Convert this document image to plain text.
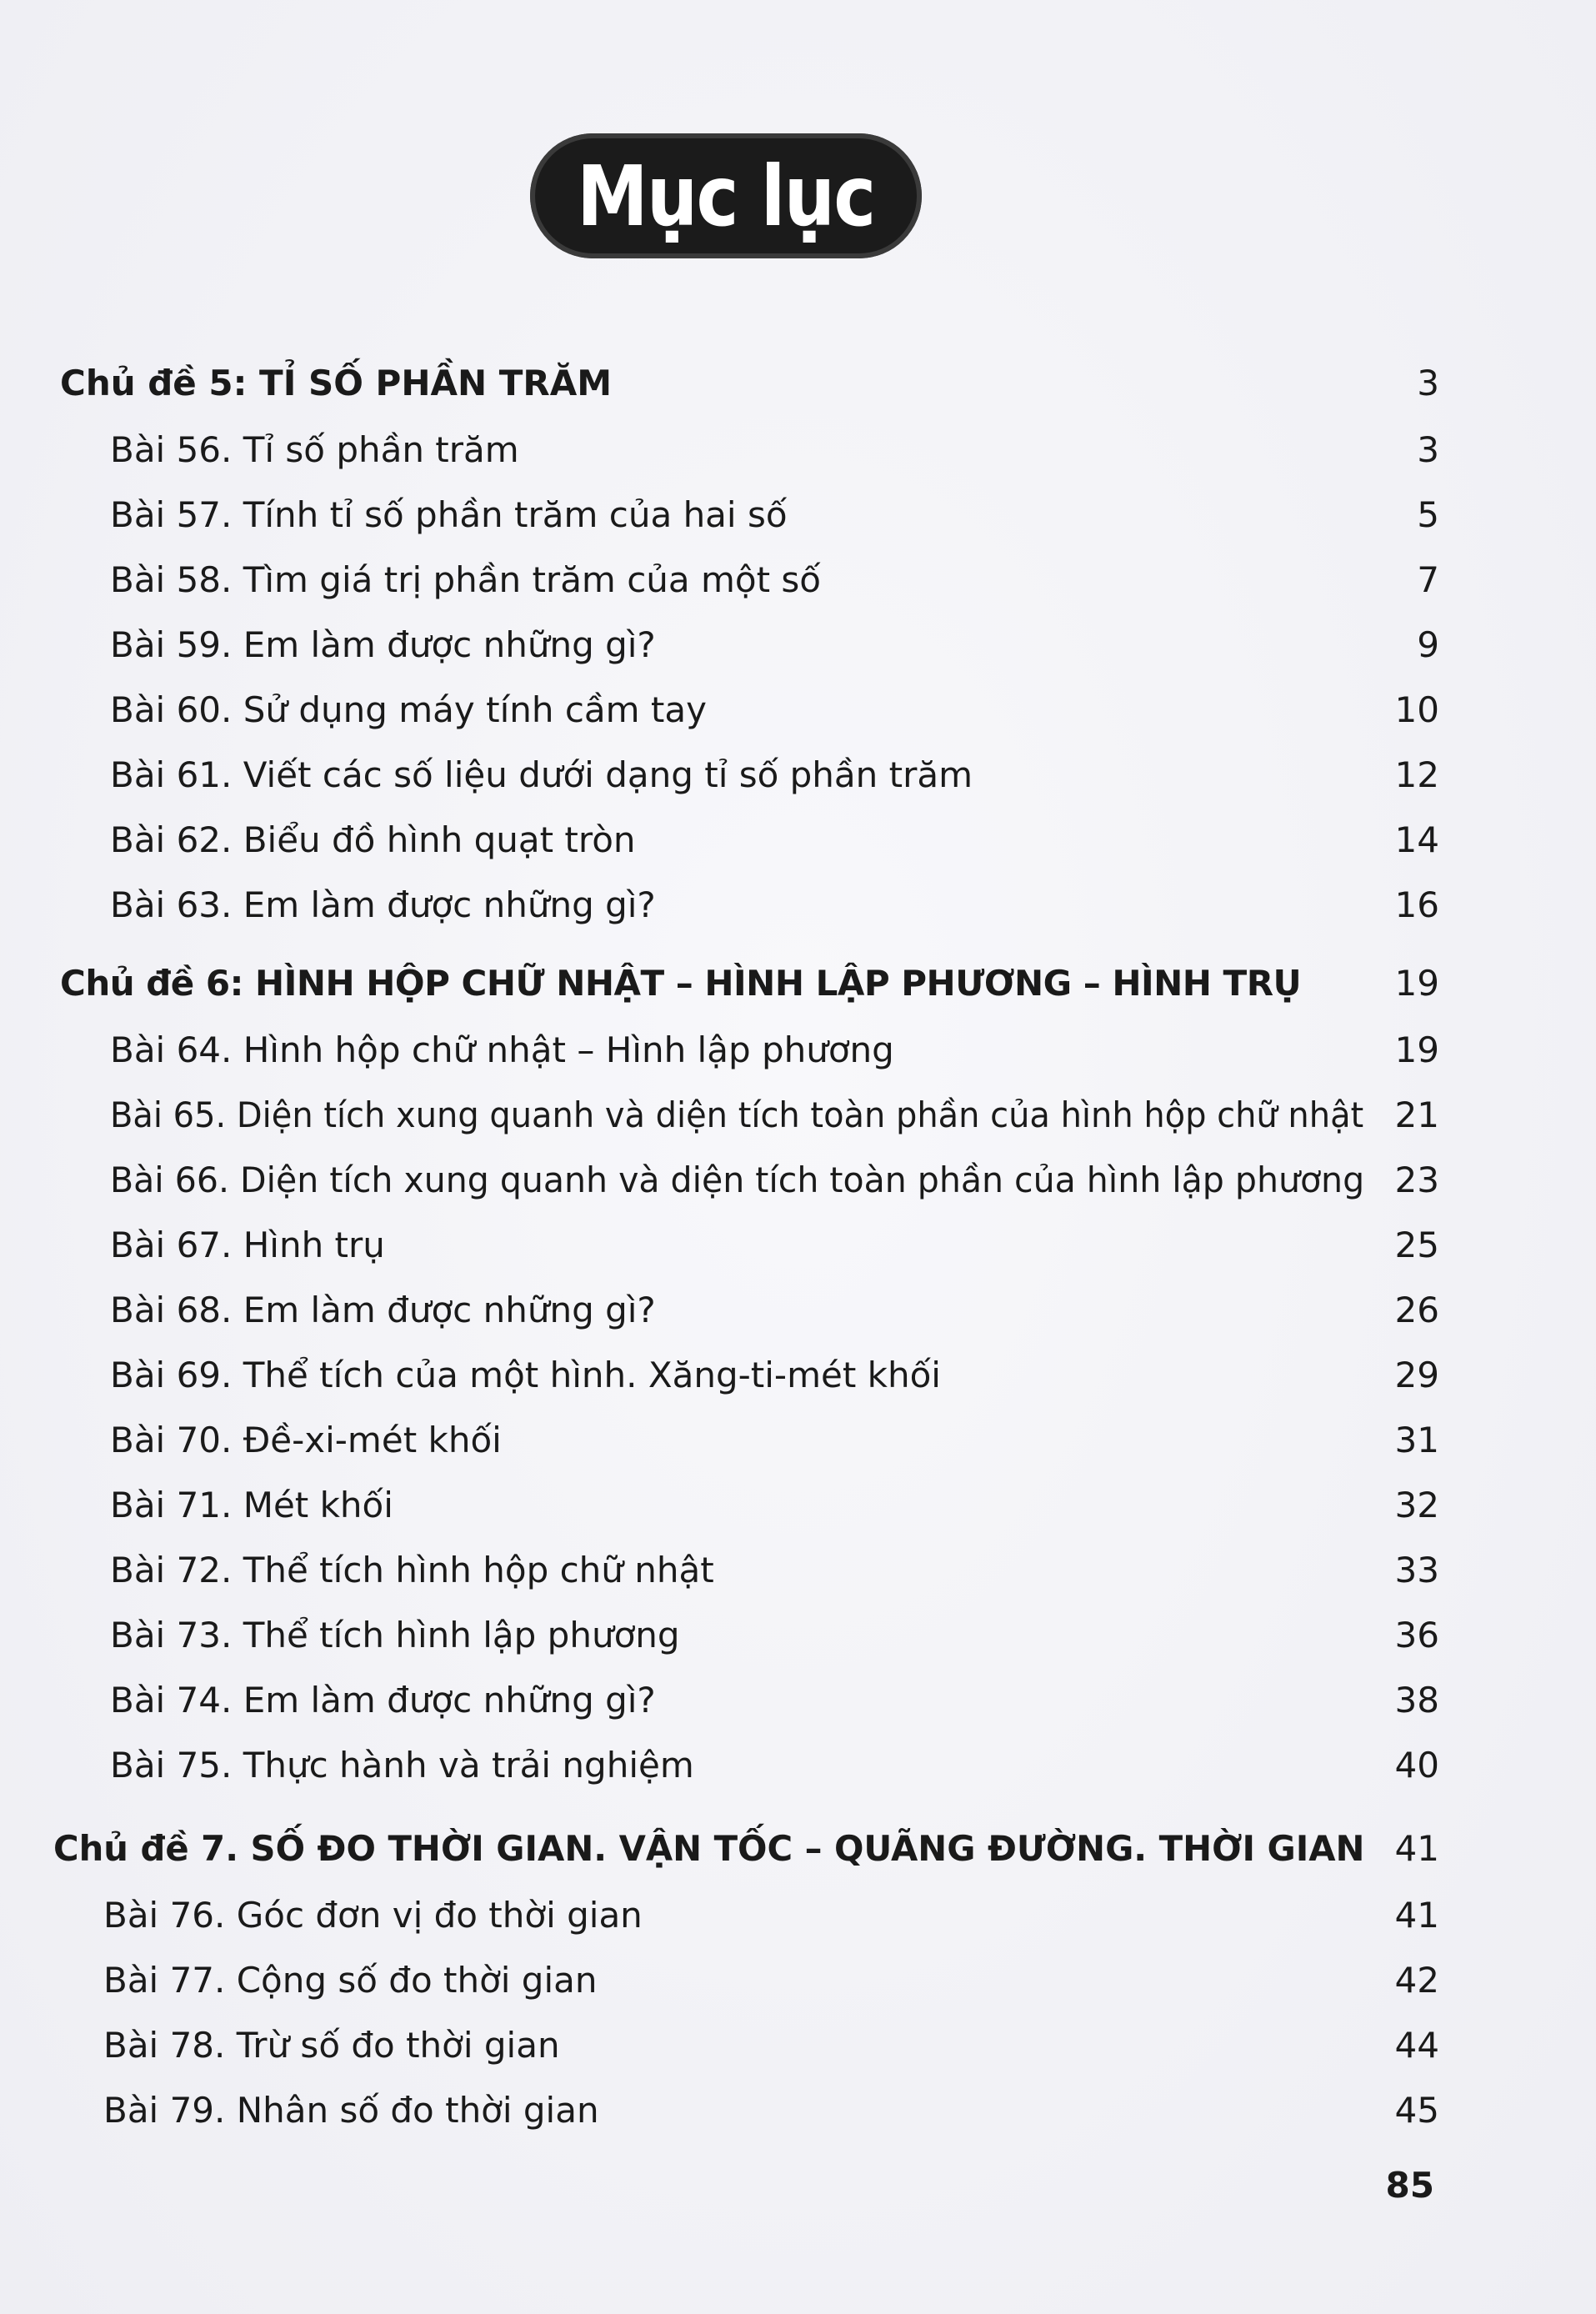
Mục lục
Chủ đề 5: TỈ SỐ PHẦN TRĂM	3
Bài 56. Tỉ số phần trăm	3
Bài 57. Tính tỉ số phần trăm của hai số	5
Bài 58. Tìm giá trị phần trăm của một số	7
Bài 59. Em làm được những gì?	9
Bài 60. Sử dụng máy tính cầm tay	10
Bài 61. Viết các số liệu dưới dạng tỉ số phần trăm	12
Bài 62. Biểu đồ hình quạt tròn	14
Bài 63. Em làm được những gì?	16
Chủ đề 6: HÌNH HỘP CHỮ NHẬT – HÌNH LẬP PHƯƠNG – HÌNH TRỤ	19
Bài 64. Hình hộp chữ nhật – Hình lập phương	19
Bài 65. Diện tích xung quanh và diện tích toàn phần của hình hộp chữ nhật 21
Bài 66. Diện tích xung quanh và diện tích toàn phần của hình lập phương 23
Bài 67. Hình trụ	25
Bài 68. Em làm được những gì?	26
Bài 69. Thể tích của một hình. Xăng-ti-mét khối	29
Bài 70. Đề-xi-mét khối	31
Bài 71. Mét khối	32
Bài 72. Thể tích hình hộp chữ nhật	33
Bài 73. Thể tích hình lập phương	36
Bài 74. Em làm được những gì?	38
Bài 75. Thực hành và trải nghiệm	40
Chủ đề 7. SỐ ĐO THỜI GIAN. VẬN TỐC – QUÃNG ĐƯỜNG. THỜI GIAN 41
Bài 76. Góc đơn vị đo thời gian	41
Bài 77. Cộng số đo thời gian	42
Bài 78. Trừ số đo thời gian	44
Bài 79. Nhân số đo thời gian	45
85
